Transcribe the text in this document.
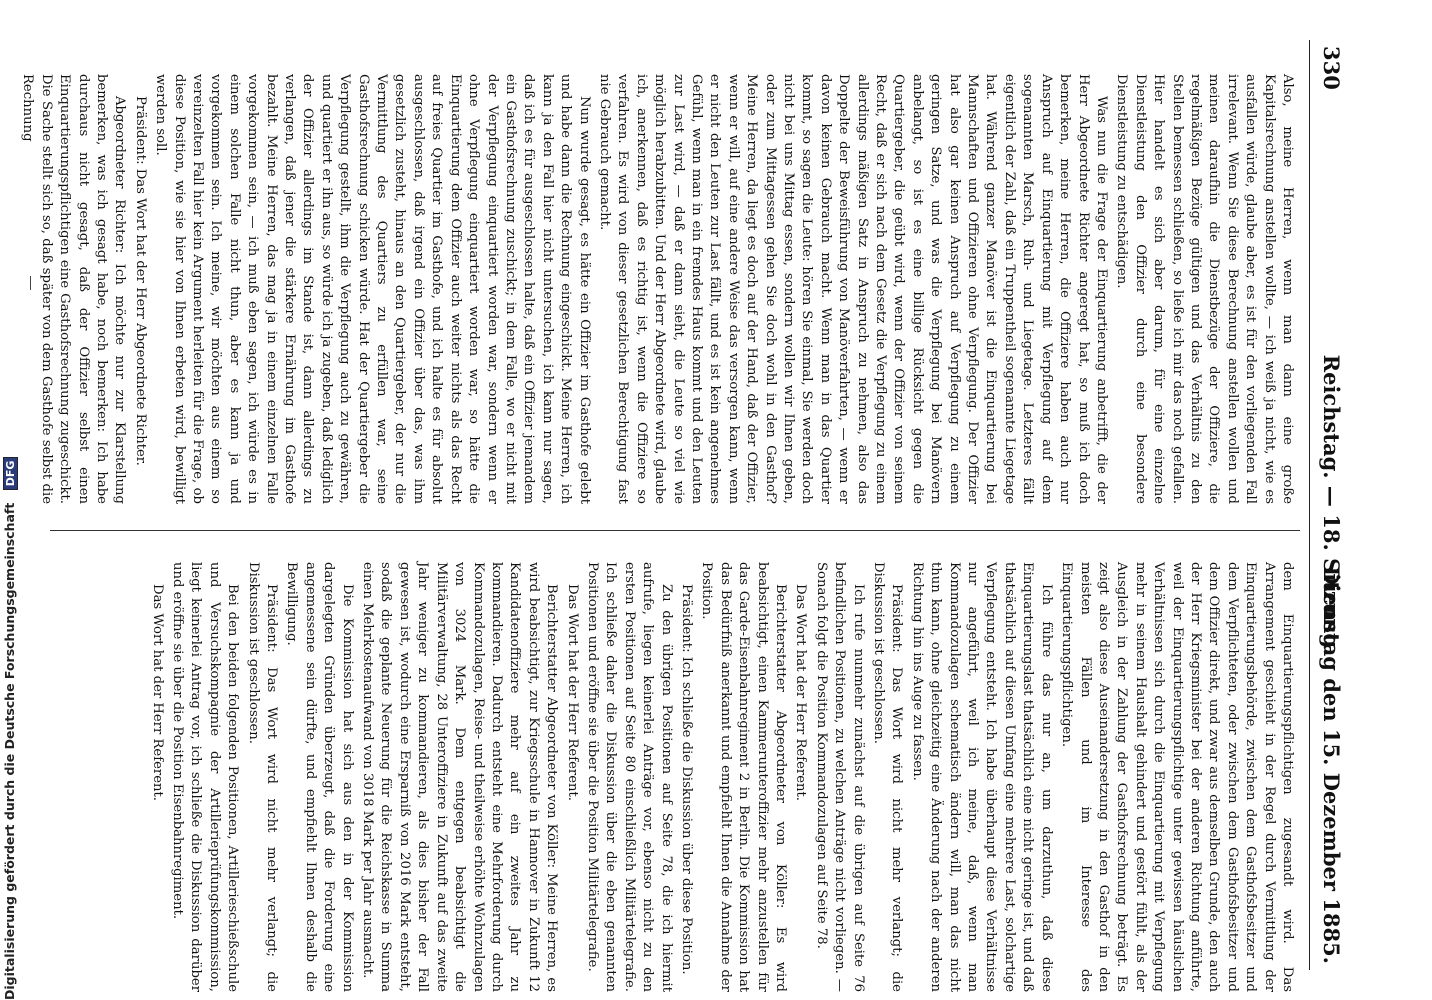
330
Reichstag. — 18. Sitzung.
Dienstag den 15. Dezember 1885.

Also, meine Herren, wenn man dann eine große Kapitalsrechnung anstellen wollte, — ich weiß ja nicht, wie es ausfallen würde, glaube aber, es ist für den vorliegenden Fall irrelevant. Wenn Sie diese Berechnung anstellen wollen und meinen daraufhin die Dienstbezüge der Offiziere, die regelmäßigen Bezüge gültigen und das Verhältnis zu den Stellen bemessen schließen, so ließe ich mir das noch gefallen. Hier handelt es sich aber darum, für eine einzelne Dienstleistung den Offizier durch eine besondere Dienstleistung zu entschädigen.

Was nun die Frage der Einquartierung anbetrifft, die der Herr Abgeordnete Richter angeregt hat, so muß ich doch bemerken, meine Herren, die Offiziere haben auch nur Anspruch auf Einquartierung mit Verpflegung auf dem sogenannten Marsch, Ruh- und Liegetage. Letzteres fällt eigentlich der Zahl, daß ein Truppentheil sogenannte Liegetage hat. Während ganzer Manöver ist die Einquartierung bei Mannschaften und Offizieren ohne Verpflegung. Der Offizier hat also gar keinen Anspruch auf Verpflegung zu einem geringen Satze, und was die Verpflegung bei Manövern anbelangt, so ist es eine billige Rücksicht gegen die Quartiergeber, die geübt wird, wenn der Offizier von seinem Recht, daß er sich nach dem Gesetz die Verpflegung zu einem allerdings mäßigen Satz in Anspruch zu nehmen, also das Doppelte der Beweisführung von Manöverfahrten, — wenn er davon keinen Gebrauch macht. Wenn man in das Quartier kommt, so sagen die Leute: hören Sie einmal, Sie werden doch nicht bei uns Mittag essen, sondern wollen wir Ihnen geben, oder zum Mittagessen gehen Sie doch wohl in den Gasthof? Meine Herren, da liegt es doch auf der Hand, daß der Offizier, wenn er will, auf eine andere Weise das versorgen kann, wenn er nicht den Leuten zur Last fällt, und es ist kein angenehmes Gefühl, wenn man in ein fremdes Haus kommt und den Leuten zur Last wird, — daß er dann sieht, die Leute so viel wie möglich herabzubitten. Und der Herr Abgeordnete wird, glaube ich, anerkennen, daß es richtig ist, wenn die Offiziere so verfahren. Es wird von dieser gesetzlichen Berechtigung fast nie Gebrauch gemacht.

Nun wurde gesagt, es hätte ein Offizier im Gasthofe gelebt und habe dann die Rechnung eingeschickt. Meine Herren, ich kann ja den Fall hier nicht untersuchen, ich kann nur sagen, daß ich es für ausgeschlossen halte, daß ein Offizier jemandem ein Gasthofsrechnung zuschickt; in dem Falle, wo er nicht mit der Verpflegung einquartiert worden war, sondern wenn er ohne Verpflegung einquartiert worden war, so hätte die Einquartierung dem Offizier auch weiter nichts als das Recht auf freies Quartier im Gasthofe, und ich halte es für absolut ausgeschlossen, daß irgend ein Offizier über das, was ihm gesetzlich zusteht, hinaus an den Quartiergeber, der nur die Vermittlung des Quartiers zu erfüllen war, seine Gasthofsrechnung schicken würde. Hat der Quartiergeber die Verpflegung gestellt, ihm die Verpflegung auch zu gewähren, und quartiert er ihn aus, so würde ich ja zugeben, daß lediglich der Offizier allerdings im Stande ist, dann allerdings zu verlangen, daß jener die stärkere Ernährung im Gasthofe bezahlt. Meine Herren, das mag ja in einem einzelnen Falle vorgekommen sein, — ich muß eben sagen, ich würde es in einem solchen Falle nicht thun, aber es kann ja und vorgekommen sein. Ich meine, wir möchten aus einem so vereinzelten Fall hier kein Argument herleiten für die Frage, ob diese Position, wie sie hier von Ihnen erbeten wird, bewilligt werden soll.

Präsident: Das Wort hat der Herr Abgeordnete Richter.

Abgeordneter Richter: Ich möchte nur zur Klarstellung bemerken, was ich gesagt habe, noch bemerken: Ich habe durchaus nicht gesagt, daß der Offizier selbst einen Einquartierungspflichtigen eine Gasthofsrechnung zugeschickt. Die Sache stellt sich so, daß später von dem Gasthofe selbst die Rechnung

dem Einquartierungspflichtigen zugesandt wird. Das Arrangement geschieht in der Regel durch Vermittlung der Einquartierungsbehörde, zwischen dem Gasthofsbesitzer und dem Verpflichteten, oder zwischen dem Gasthofsbesitzer und dem Offizier direkt, und zwar aus demselben Grunde, den auch der Herr Kriegsminister bei der anderen Richtung anführte, weil der Einquartierungspflichtige unter gewissen häuslichen Verhältnissen sich durch die Einquartierung mit Verpflegung mehr in seinem Haushalt gehindert und gestört fühlt, als der Ausgleich in der Zahlung der Gasthofsrechnung beträgt. Es zeigt also diese Auseinandersetzung in den Gasthof in den meisten Fällen und im Interesse des Einquartierungspflichtigen.

Ich führe das nur an, um darzuthun, daß diese Einquartierungslast thatsächlich eine nicht geringe ist, und daß thatsächlich auf diesen Umfang eine mehrere Last, solchartige Verpflegung entsteht. Ich habe überhaupt diese Verhältnisse nur angeführt, weil ich meine, daß, wenn man Kommandozulagen schematisch ändern will, man das nicht thun kann, ohne gleichzeitig eine Änderung nach der anderen Richtung hin ins Auge zu fassen.

Präsident: Das Wort wird nicht mehr verlangt; die Diskussion ist geschlossen.

Ich rufe nunmehr zunächst auf die übrigen auf Seite 76 befindlichen Positionen, zu welchen Anträge nicht vorliegen. — Sonach folgt die Position Kommandozulagen auf Seite 78.

Das Wort hat der Herr Referent.

Berichterstatter Abgeordneter von Köller: Es wird beabsichtigt, einen Kammerunteroffizier mehr anzustellen für das Garde-Eisenbahnregiment 2 in Berlin. Die Kommission hat das Bedürfniß anerkannt und empfiehlt Ihnen die Annahme der Position.

Präsident: Ich schließe die Diskussion über diese Position.

Zu den übrigen Positionen auf Seite 78, die ich hiermit aufrufe, liegen keinerlei Anträge vor, ebenso nicht zu den ersten Positionen auf Seite 80 einschließlich Militärtelegrafie. Ich schließe daher die Diskussion über die eben genannten Positionen und eröffne sie über die Position Militärtelegrafie.

Das Wort hat der Herr Referent.

Berichterstatter Abgeordneter von Köller: Meine Herren, es wird beabsichtigt, zur Kriegsschule in Hannover in Zukunft 12 Kandidatenoffiziere mehr auf ein zweites Jahr zu kommandieren. Dadurch entsteht eine Mehrforderung durch Kommandozulagen, Reise- und theilweise erhöhte Wohnzulagen von 3024 Mark. Dem entgegen beabsichtigt die Militärverwaltung, 28 Unteroffiziere in Zukunft auf das zweite Jahr weniger zu kommandieren, als dies bisher der Fall gewesen ist, wodurch eine Ersparniß von 2016 Mark entsteht, sodaß die geplante Neuerung für die Reichskasse in Summa einen Mehrkostenaufwand von 3018 Mark per Jahr ausmacht.

Die Kommission hat sich aus den in der Kommission dargelegten Gründen überzeugt, daß die Forderung eine angemessene sein dürfte, und empfiehlt Ihnen deshalb die Bewilligung.

Präsident: Das Wort wird nicht mehr verlangt; die Diskussion ist geschlossen.

Bei den beiden folgenden Positionen, Artillerieschießschule und Versuchskompagnie der Artillerieprüfungskommission, liegt keinerlei Antrag vor, ich schließe die Diskussion darüber und eröffne sie über die Position Eisenbahnregiment.

Das Wort hat der Herr Referent.

Digitalisierung gefördert durch die Deutsche Forschungsgemeinschaft DFG
